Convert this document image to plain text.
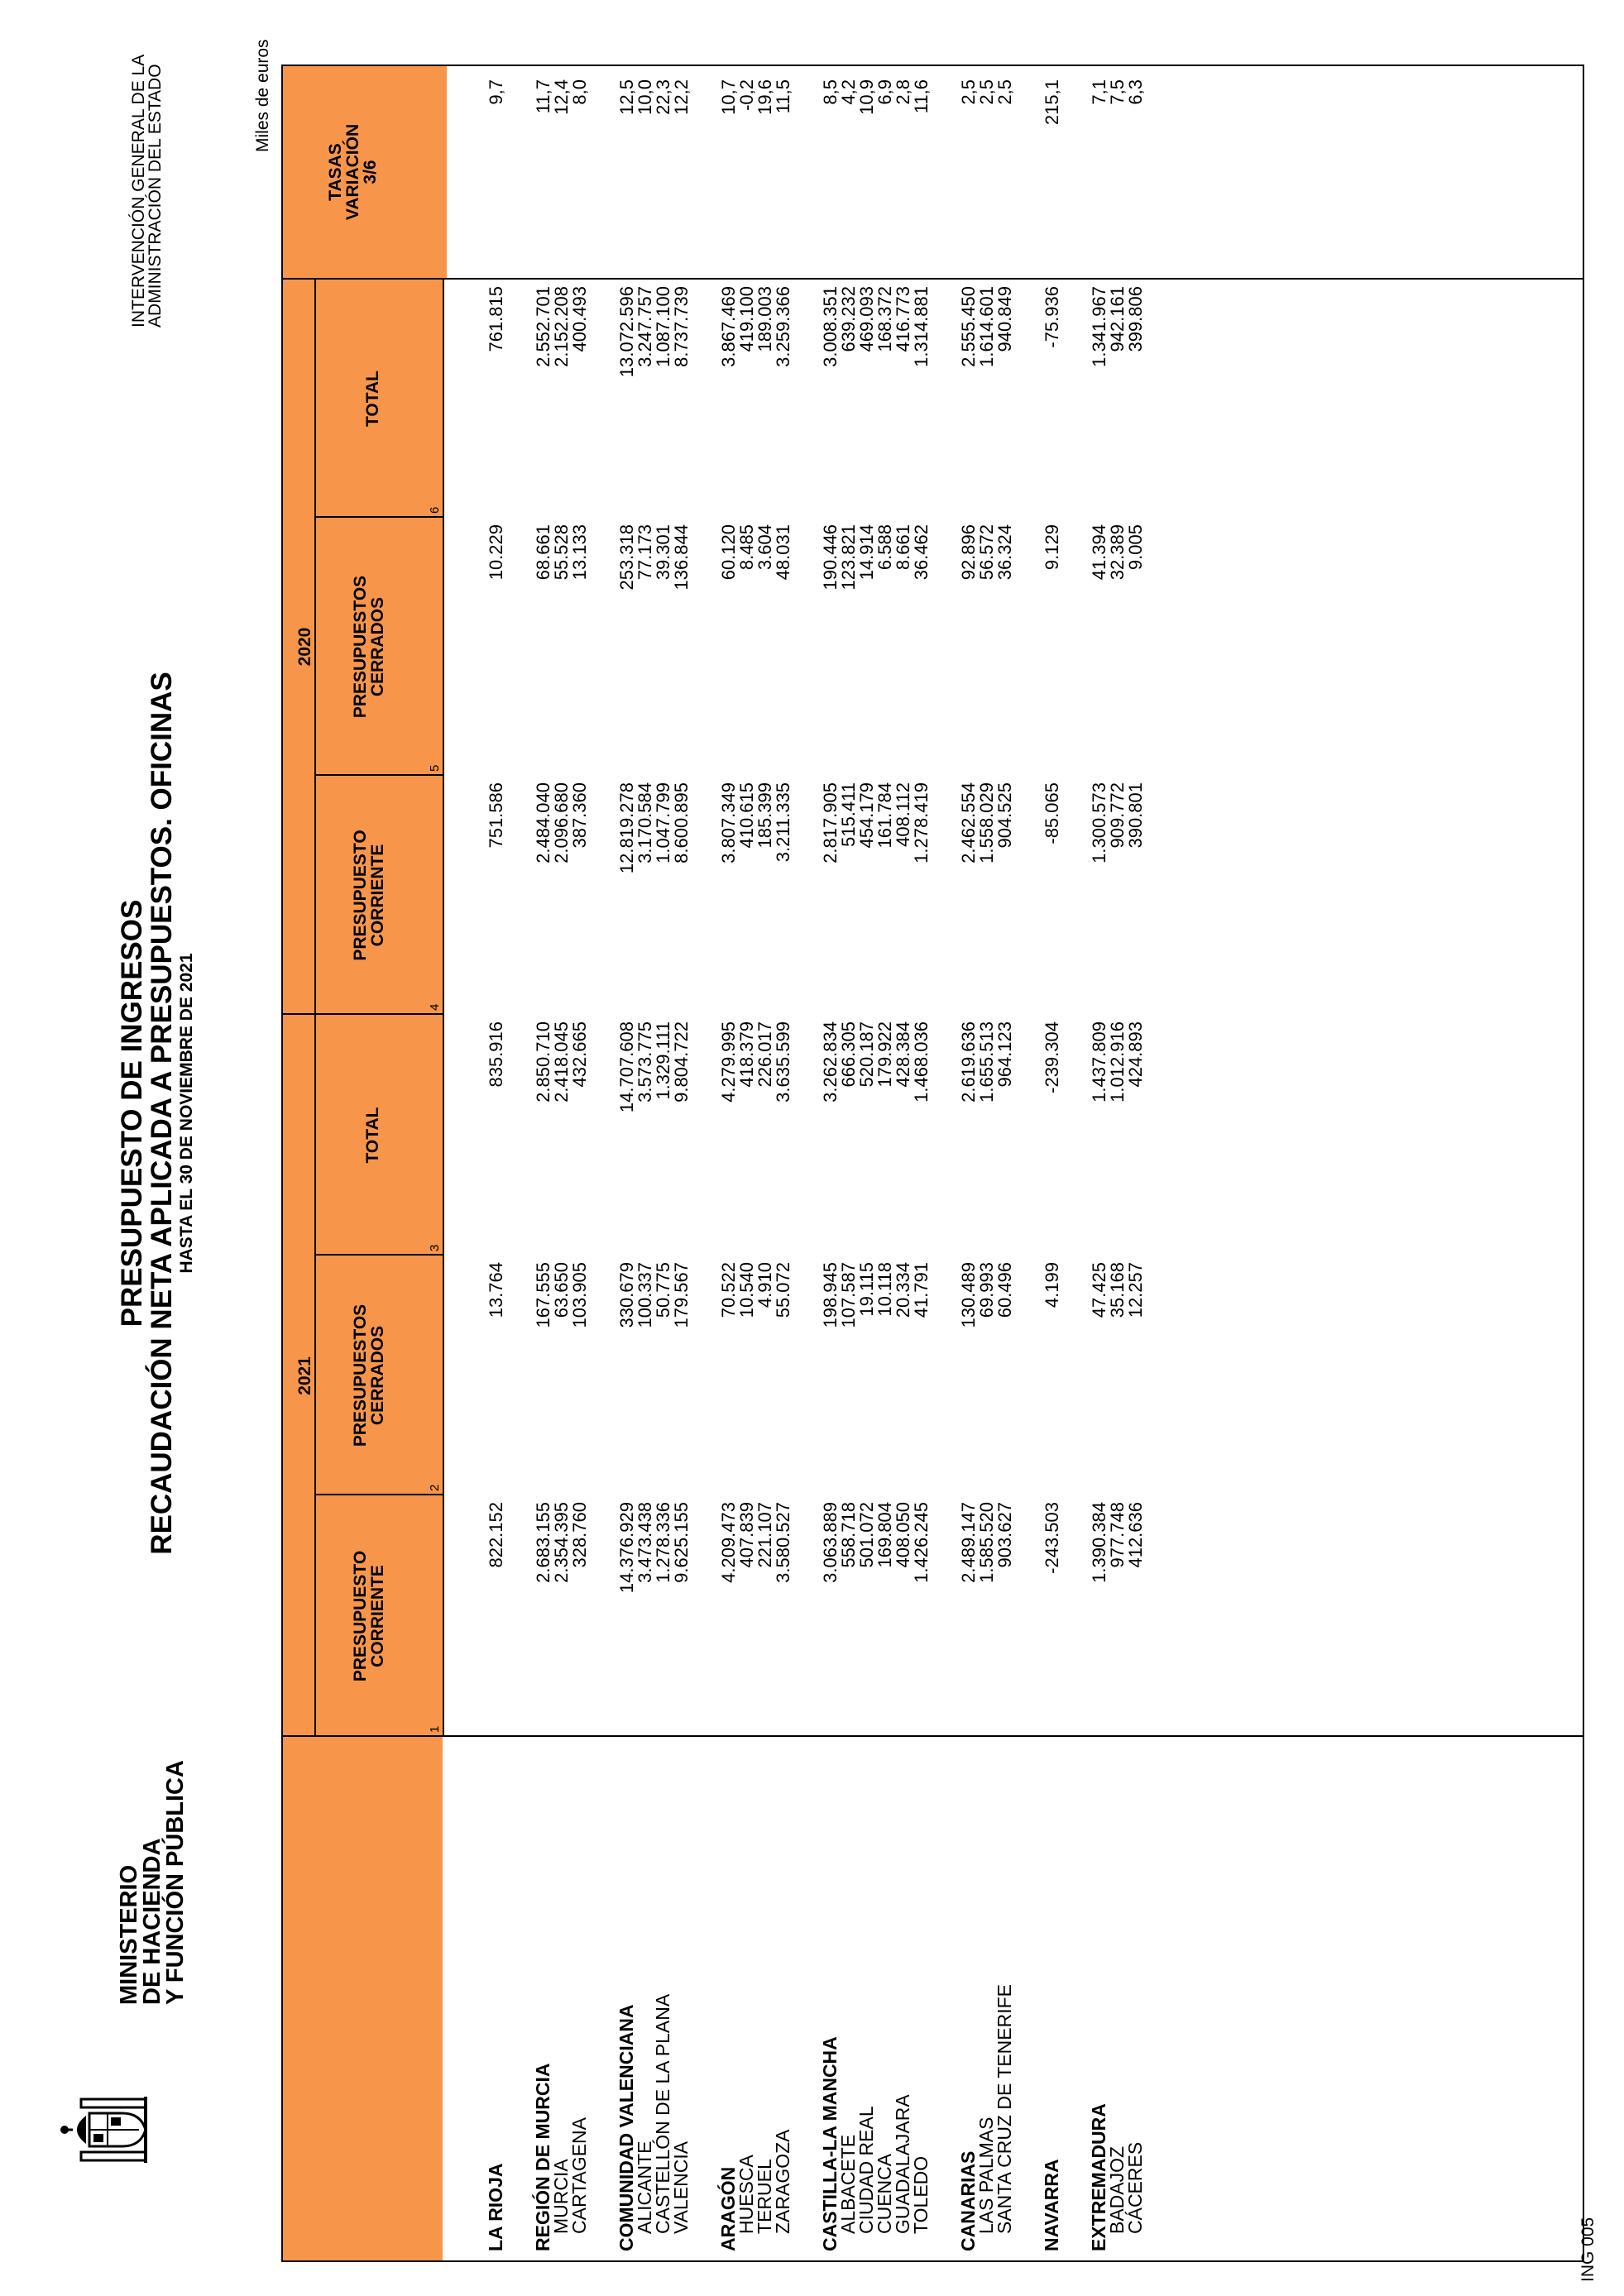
MINISTERIO
DE HACIENDA
Y FUNCIÓN PÚBLICA
PRESUPUESTO DE INGRESOS
RECAUDACIÓN NETA APLICADA A PRESUPUESTOS. OFICINAS HASTA EL 30 DE NOVIEMBRE DE 2021
INTERVENCIÓN GENERAL DE LA
ADMINISTRACIÓN DEL ESTADO	Miles de euros
ING 005
2021
2020
PRESUPUESTO
CORRIENTE
1
PRESUPUESTOS
CERRADOS
2
TOTAL
3
PRESUPUESTO
CORRIENTE
4
PRESUPUESTOS
CERRADOS
5
TOTAL
6
TASAS
VARIACIÓN
3/6
LA RIOJA
822.152
13.764
835.916
751.586
10.229
761.815
9,7
REGIÓN DE MURCIA
2.683.155
167.555
2.850.710
2.484.040
68.661
2.552.701
11,7
MURCIA
2.354.395
63.650
2.418.045
2.096.680
55.528
2.152.208
12,4
CARTAGENA
328.760
103.905
432.665
387.360
13.133
400.493
8,0
COMUNIDAD VALENCIANA
14.376.929
330.679
14.707.608
12.819.278
253.318
13.072.596
12,5
ALICANTE
3.473.438
100.337
3.573.775
3.170.584
77.173
3.247.757
10,0
CASTELLÓN DE LA PLANA
1.278.336
50.775
1.329.111
1.047.799
39.301
1.087.100
22,3
VALENCIA
9.625.155
179.567
9.804.722
8.600.895
136.844
8.737.739
12,2
ARAGÓN
4.209.473
70.522
4.279.995
3.807.349
60.120
3.867.469
10,7
HUESCA
407.839
10.540
418.379
410.615
8.485
419.100
-0,2
TERUEL
221.107
4.910
226.017
185.399
3.604
189.003
19,6
ZARAGOZA
3.580.527
55.072
3.635.599
3.211.335
48.031
3.259.366
11,5
CASTILLA-LA MANCHA
3.063.889
198.945
3.262.834
2.817.905
190.446
3.008.351
8,5
ALBACETE
558.718
107.587
666.305
515.411
123.821
639.232
4,2
CIUDAD REAL
501.072
19.115
520.187
454.179
14.914
469.093
10,9
CUENCA
169.804
10.118
179.922
161.784
6.588
168.372
6,9
GUADALAJARA
408.050
20.334
428.384
408.112
8.661
416.773
2,8
TOLEDO
1.426.245
41.791
1.468.036
1.278.419
36.462
1.314.881
11,6
CANARIAS
2.489.147
130.489
2.619.636
2.462.554
92.896
2.555.450
2,5
LAS PALMAS
1.585.520
69.993
1.655.513
1.558.029
56.572
1.614.601
2,5
SANTA CRUZ DE TENERIFE
903.627
60.496
964.123
904.525
36.324
940.849
2,5
NAVARRA
-243.503
4.199
-239.304
-85.065
9.129
-75.936
215,1
EXTREMADURA
1.390.384
47.425
1.437.809
1.300.573
41.394
1.341.967
7,1
BADAJOZ
977.748
35.168
1.012.916
909.772
32.389
942.161
7,5
CÁCERES
412.636
12.257
424.893
390.801
9.005
399.806
6,3
